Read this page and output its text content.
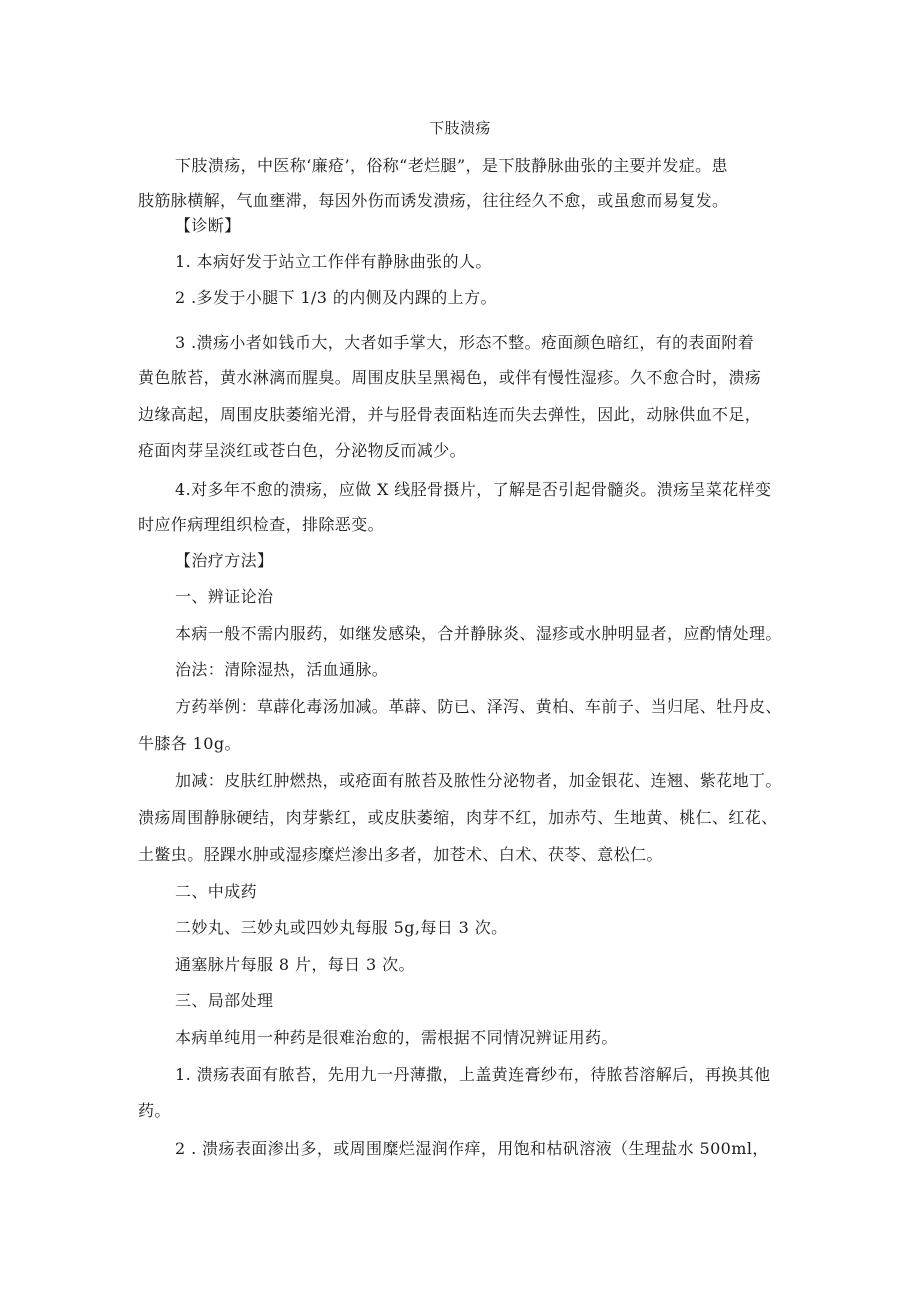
下肢溃疡
下肢溃疡，中医称‘廉疮’，俗称“老烂腿”，是下肢静脉曲张的主要并发症。患
肢筋脉横解，气血壅滞，每因外伤而诱发溃疡，往往经久不愈，或虽愈而易复发。
【诊断】
1. 本病好发于站立工作伴有静脉曲张的人。
2 .多发于小腿下 1/3 的内侧及内踝的上方。
3 .溃疡小者如钱币大，大者如手掌大，形态不整。疮面颜色暗红，有的表面附着
黄色脓苔，黄水淋漓而腥臭。周围皮肤呈黑褐色，或伴有慢性湿疹。久不愈合时，溃疡
边缘高起，周围皮肤萎缩光滑，并与胫骨表面粘连而失去弹性，因此，动脉供血不足，
疮面肉芽呈淡红或苍白色，分泌物反而减少。
4.对多年不愈的溃疡，应做 X 线胫骨摄片，了解是否引起骨髓炎。溃疡呈菜花样变
时应作病理组织检查，排除恶变。
【治疗方法】
一、辨证论治
本病一般不需内服药，如继发感染，合并静脉炎、湿疹或水肿明显者，应酌情处理。
治法：清除湿热，活血通脉。
方药举例：草薜化毒汤加减。革薜、防已、泽泻、黄柏、车前子、当归尾、牡丹皮、
牛膝各 10g。
加减：皮肤红肿燃热，或疮面有脓苔及脓性分泌物者，加金银花、连翘、紫花地丁。
溃疡周围静脉硬结，肉芽紫红，或皮肤萎缩，肉芽不红，加赤芍、生地黄、桃仁、红花、
土鳖虫。胫踝水肿或湿疹糜烂渗出多者，加苍术、白术、茯苓、意松仁。
二、中成药
二妙丸、三妙丸或四妙丸每服 5g,每日 3 次。
通塞脉片每服 8 片，每日 3 次。
三、局部处理
本病单纯用一种药是很难治愈的，需根据不同情况辨证用药。
1. 溃疡表面有脓苔，先用九一丹薄撒，上盖黄连膏纱布，待脓苔溶解后，再换其他
药。
2 . 溃疡表面渗出多，或周围糜烂湿润作痒，用饱和枯矾溶液（生理盐水 500ml，
